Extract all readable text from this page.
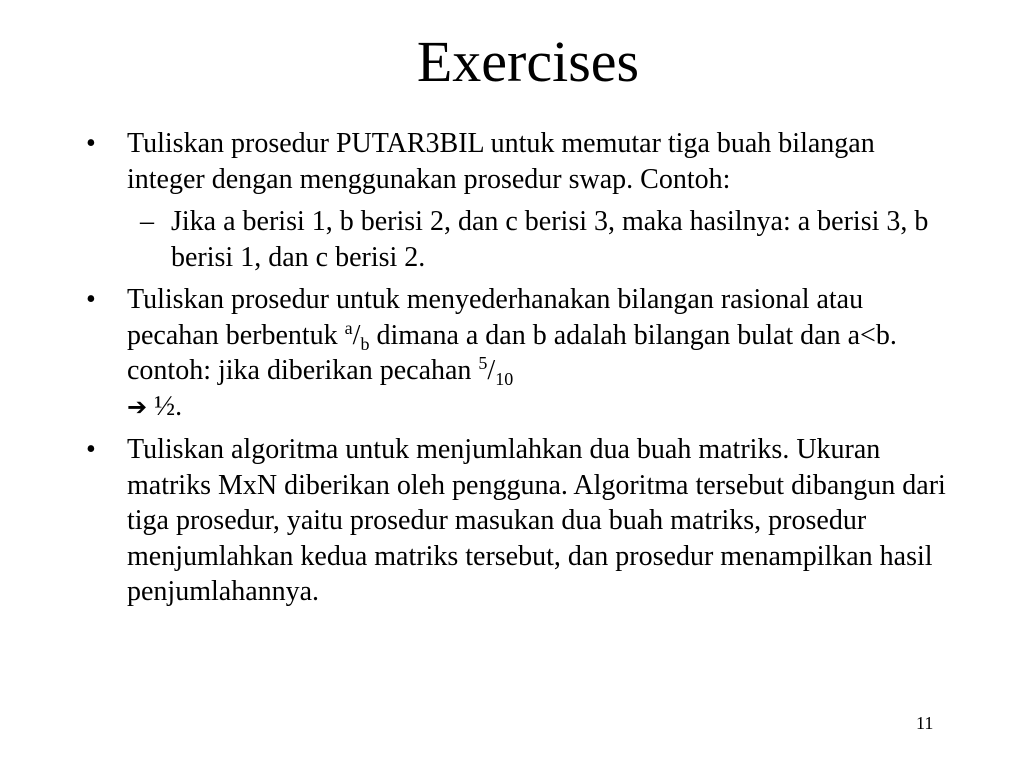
Exercises
• Tuliskan prosedur PUTAR3BIL untuk memutar tiga buah bilangan integer dengan menggunakan prosedur swap. Contoh:
– Jika a berisi 1, b berisi 2, dan c berisi 3, maka hasilnya: a berisi 3, b berisi 1, dan c berisi 2.
• Tuliskan prosedur untuk menyederhanakan bilangan rasional atau pecahan berbentuk $^a/_b$ dimana a dan b adalah bilangan bulat dan a<b. contoh: jika diberikan pecahan $^5/_{10}$
➔ ½.
• Tuliskan algoritma untuk menjumlahkan dua buah matriks. Ukuran matriks MxN diberikan oleh pengguna. Algoritma tersebut dibangun dari tiga prosedur, yaitu prosedur masukan dua buah matriks, prosedur menjumlahkan kedua matriks tersebut, dan prosedur menampilkan hasil penjumlahannya.
11
